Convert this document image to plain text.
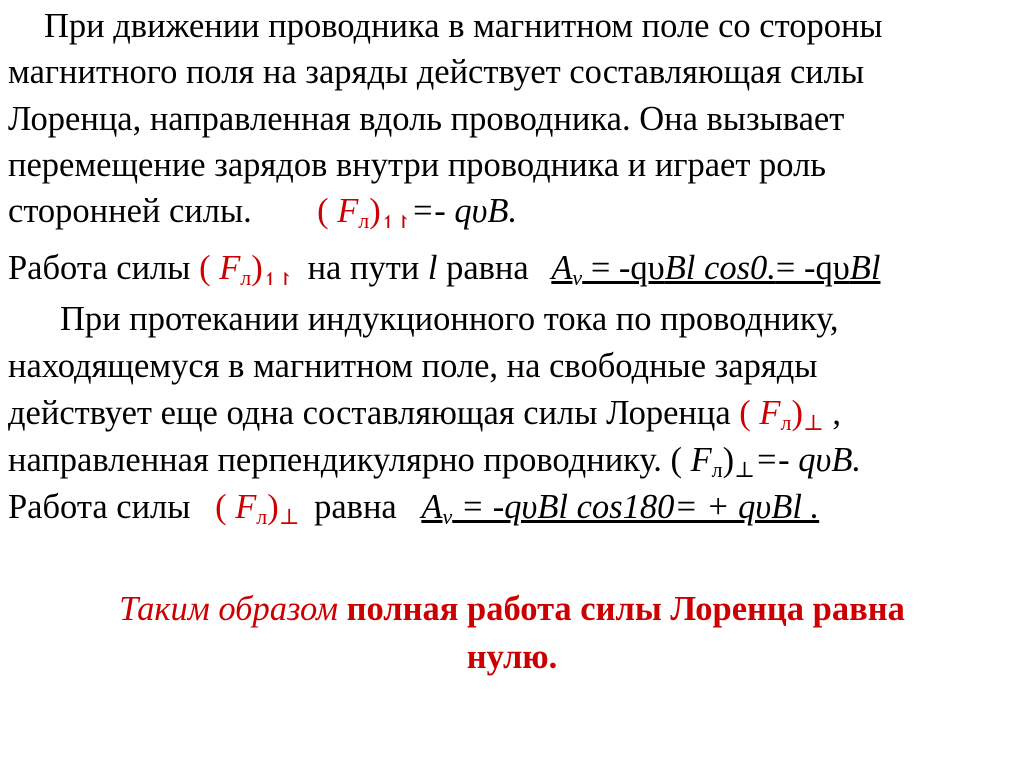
При движении проводника в магнитном поле со стороны
магнитного поля на заряды действует составляющая силы
Лоренца, направленная вдоль проводника. Она вызывает
перемещение зарядов внутри проводника и играет роль
сторонней силы. ( $F_л)↿↾=-$ qυB.
Работа силы ( $F_л)↿↾$ на пути l равна $A_v = -q\upsilon Bl$ cos0.= -qυBl
При протекании индукционного тока по проводнику,
находящемуся в магнитном поле, на свободные заряды
действует еще одна составляющая силы Лоренца ( $F_л)\perp$ ,
направленная перпендикулярно проводнику. ( $F_л)\perp=-$ qυB.
Работа силы ( $F_л)\perp$ равна $A_v = -q\upsilon Bl$ cos180= + qυBl .
Таким образом полная работа силы Лоренца равна
нулю.
